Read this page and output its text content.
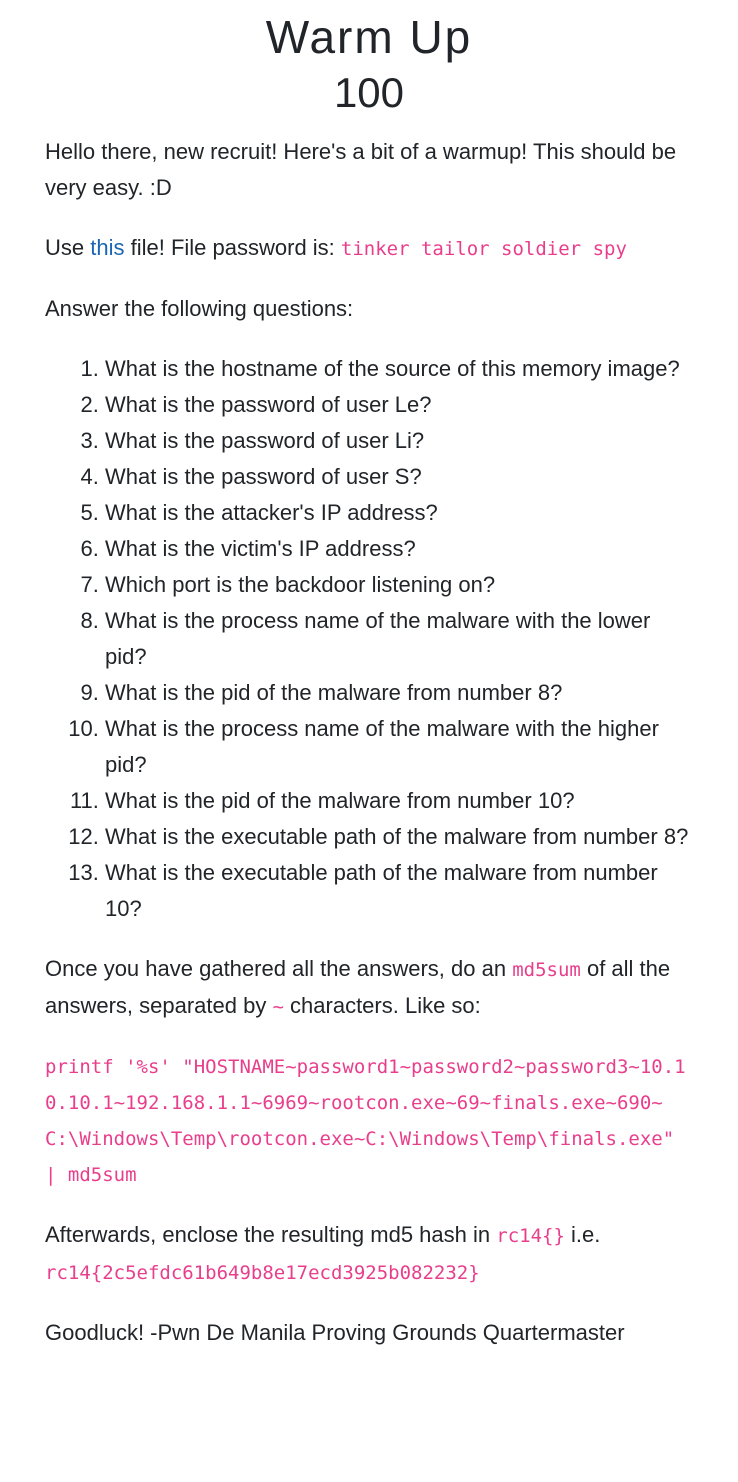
Warm Up
100

Hello there, new recruit! Here's a bit of a warmup! This should be very easy. :D

Use this file! File password is: tinker tailor soldier spy

Answer the following questions:

1. What is the hostname of the source of this memory image?
2. What is the password of user Le?
3. What is the password of user Li?
4. What is the password of user S?
5. What is the attacker's IP address?
6. What is the victim's IP address?
7. Which port is the backdoor listening on?
8. What is the process name of the malware with the lower pid?
9. What is the pid of the malware from number 8?
10. What is the process name of the malware with the higher pid?
11. What is the pid of the malware from number 10?
12. What is the executable path of the malware from number 8?
13. What is the executable path of the malware from number 10?

Once you have gathered all the answers, do an md5sum of all the answers, separated by ~ characters. Like so:

printf '%s' "HOSTNAME~password1~password2~password3~10.10.10.1~192.168.1.1~6969~rootcon.exe~69~finals.exe~690~C:\Windows\Temp\rootcon.exe~C:\Windows\Temp\finals.exe" | md5sum

Afterwards, enclose the resulting md5 hash in rc14{} i.e. rc14{2c5efdc61b649b8e17ecd3925b082232}

Goodluck! -Pwn De Manila Proving Grounds Quartermaster
